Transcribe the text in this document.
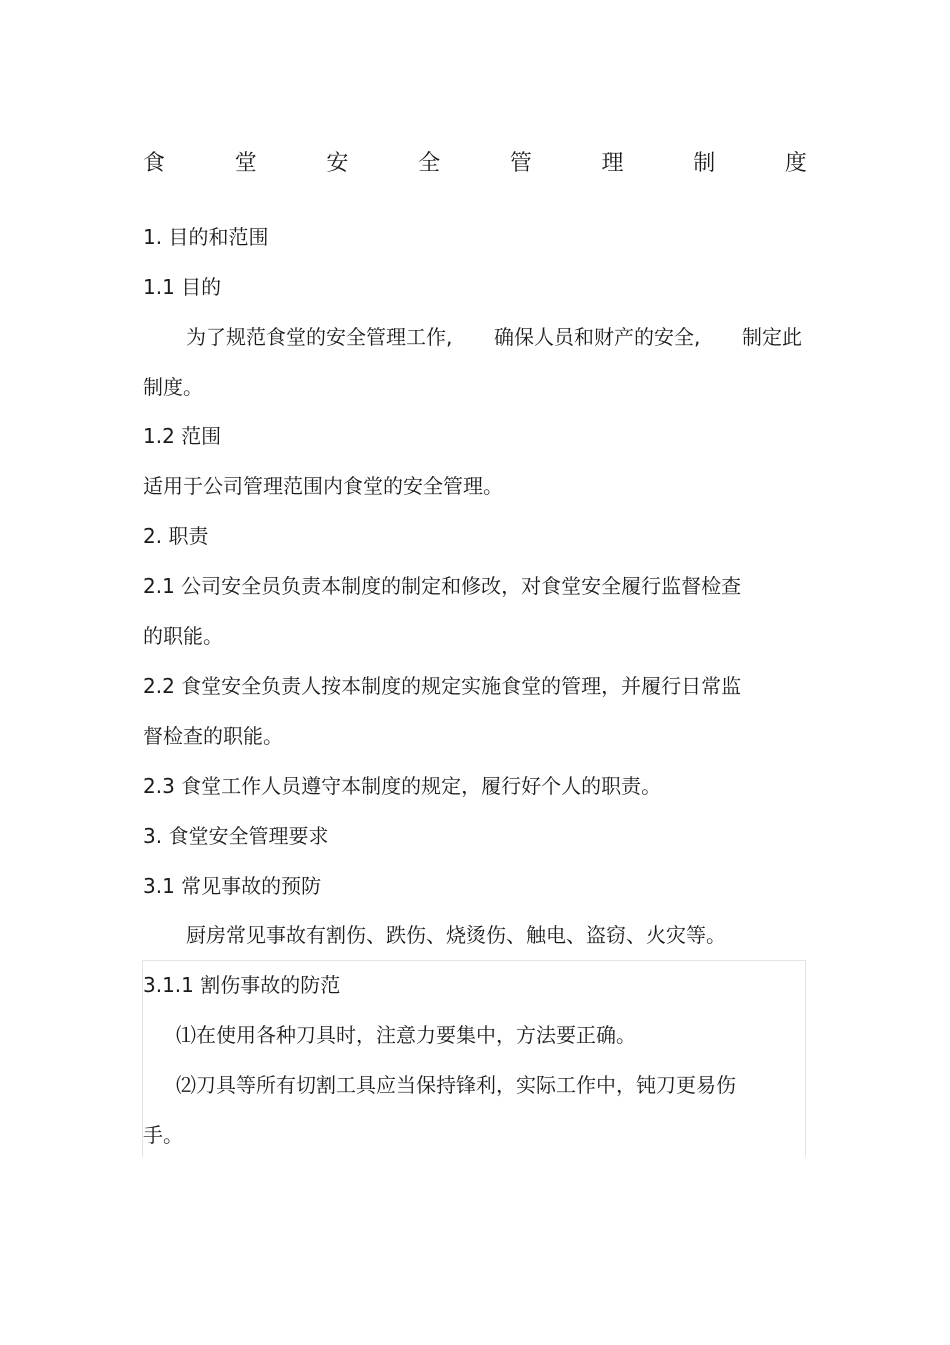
食	堂	安	全	管	理	制	度
1. 目的和范围
1.1 目的
为了规范食堂的安全管理工作, 确保人员和财产的安全, 制定此
制度。
1.2 范围
适用于公司管理范围内食堂的安全管理。
2. 职责
2.1 公司安全员负责本制度的制定和修改，对食堂安全履行监督检查
的职能。
2.2 食堂安全负责人按本制度的规定实施食堂的管理，并履行日常监
督检查的职能。
2.3 食堂工作人员遵守本制度的规定，履行好个人的职责。
3. 食堂安全管理要求
3.1 常见事故的预防
厨房常见事故有割伤、跌伤、烧烫伤、触电、盗窃、火灾等。
3.1.1 割伤事故的防范
⑴在使用各种刀具时，注意力要集中，方法要正确。
⑵刀具等所有切割工具应当保持锋利，实际工作中，钝刀更易伤
手。
